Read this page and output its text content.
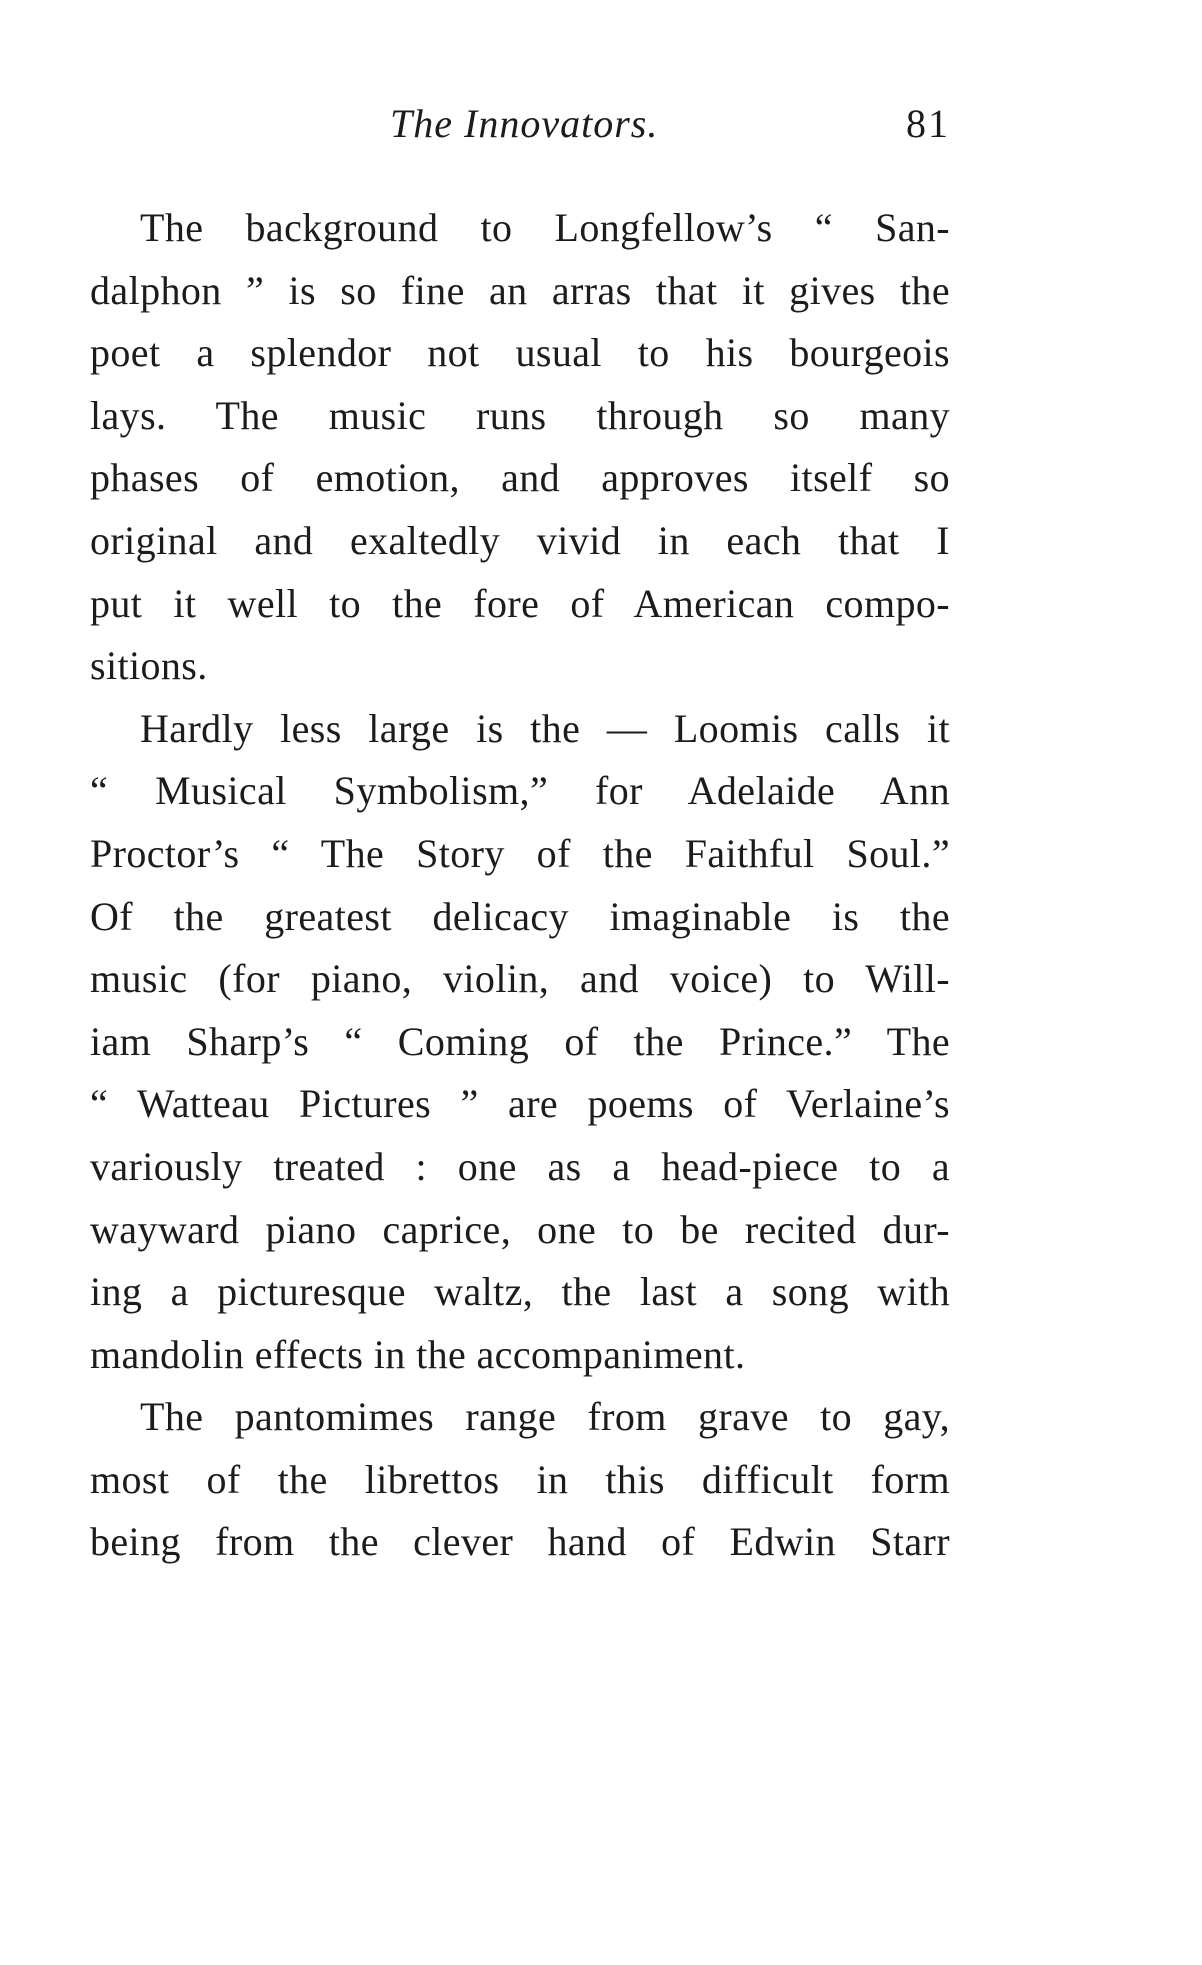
The Innovators.	81
The background to Longfellow’s “ San-
dalphon ” is so fine an arras that it gives the
poet a splendor not usual to his bourgeois
lays. The music runs through so many
phases of emotion, and approves itself so
original and exaltedly vivid in each that I
put it well to the fore of American compo-
sitions.
Hardly less large is the — Loomis calls it
“ Musical Symbolism,” for Adelaide Ann
Proctor’s “ The Story of the Faithful Soul.”
Of the greatest delicacy imaginable is the
music (for piano, violin, and voice) to Will-
iam Sharp’s “ Coming of the Prince.” The
“ Watteau Pictures ” are poems of Verlaine’s
variously treated : one as a head-piece to a
wayward piano caprice, one to be recited dur-
ing a picturesque waltz, the last a song with
mandolin effects in the accompaniment.
The pantomimes range from grave to gay,
most of the librettos in this difficult form
being from the clever hand of Edwin Starr
